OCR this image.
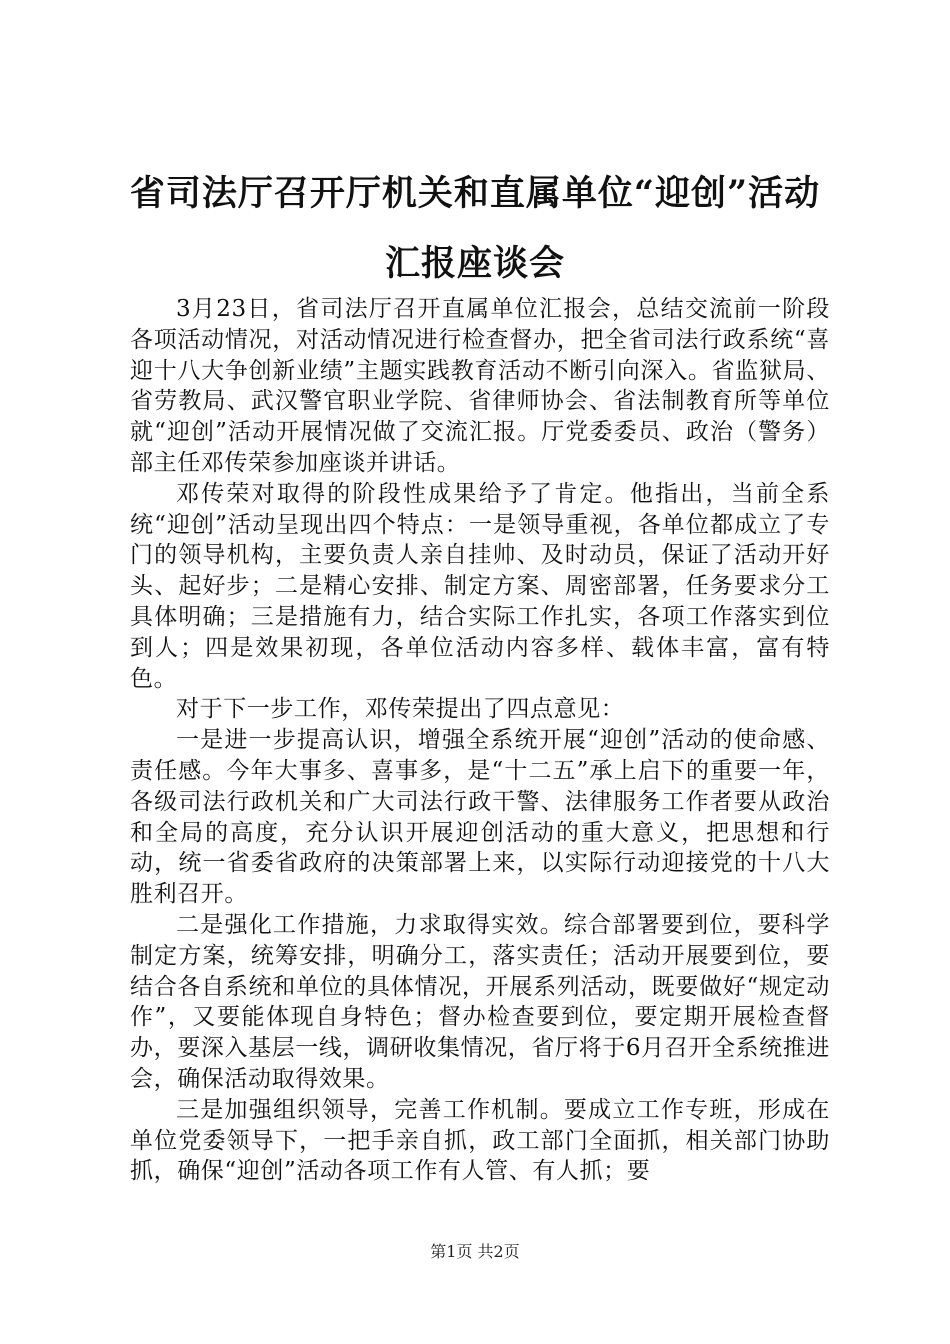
省司法厅召开厅机关和直属单位“迎创”活动
汇报座谈会

3月23日，省司法厅召开直属单位汇报会，总结交流前一阶段各项活动情况，对活动情况进行检查督办，把全省司法行政系统“喜迎十八大争创新业绩”主题实践教育活动不断引向深入。省监狱局、省劳教局、武汉警官职业学院、省律师协会、省法制教育所等单位就“迎创”活动开展情况做了交流汇报。厅党委委员、政治（警务）部主任邓传荣参加座谈并讲话。

邓传荣对取得的阶段性成果给予了肯定。他指出，当前全系统“迎创”活动呈现出四个特点：一是领导重视，各单位都成立了专门的领导机构，主要负责人亲自挂帅、及时动员，保证了活动开好头、起好步；二是精心安排、制定方案、周密部署，任务要求分工具体明确；三是措施有力，结合实际工作扎实，各项工作落实到位到人；四是效果初现，各单位活动内容多样、载体丰富，富有特色。

对于下一步工作，邓传荣提出了四点意见：

一是进一步提高认识，增强全系统开展“迎创”活动的使命感、责任感。今年大事多、喜事多，是“十二五”承上启下的重要一年，各级司法行政机关和广大司法行政干警、法律服务工作者要从政治和全局的高度，充分认识开展迎创活动的重大意义，把思想和行动，统一省委省政府的决策部署上来，以实际行动迎接党的十八大胜利召开。

二是强化工作措施，力求取得实效。综合部署要到位，要科学制定方案，统筹安排，明确分工，落实责任；活动开展要到位，要结合各自系统和单位的具体情况，开展系列活动，既要做好“规定动作”，又要能体现自身特色；督办检查要到位，要定期开展检查督办，要深入基层一线，调研收集情况，省厅将于6月召开全系统推进会，确保活动取得效果。

三是加强组织领导，完善工作机制。要成立工作专班，形成在单位党委领导下，一把手亲自抓，政工部门全面抓，相关部门协助抓，确保“迎创”活动各项工作有人管、有人抓；要

第1页 共2页
